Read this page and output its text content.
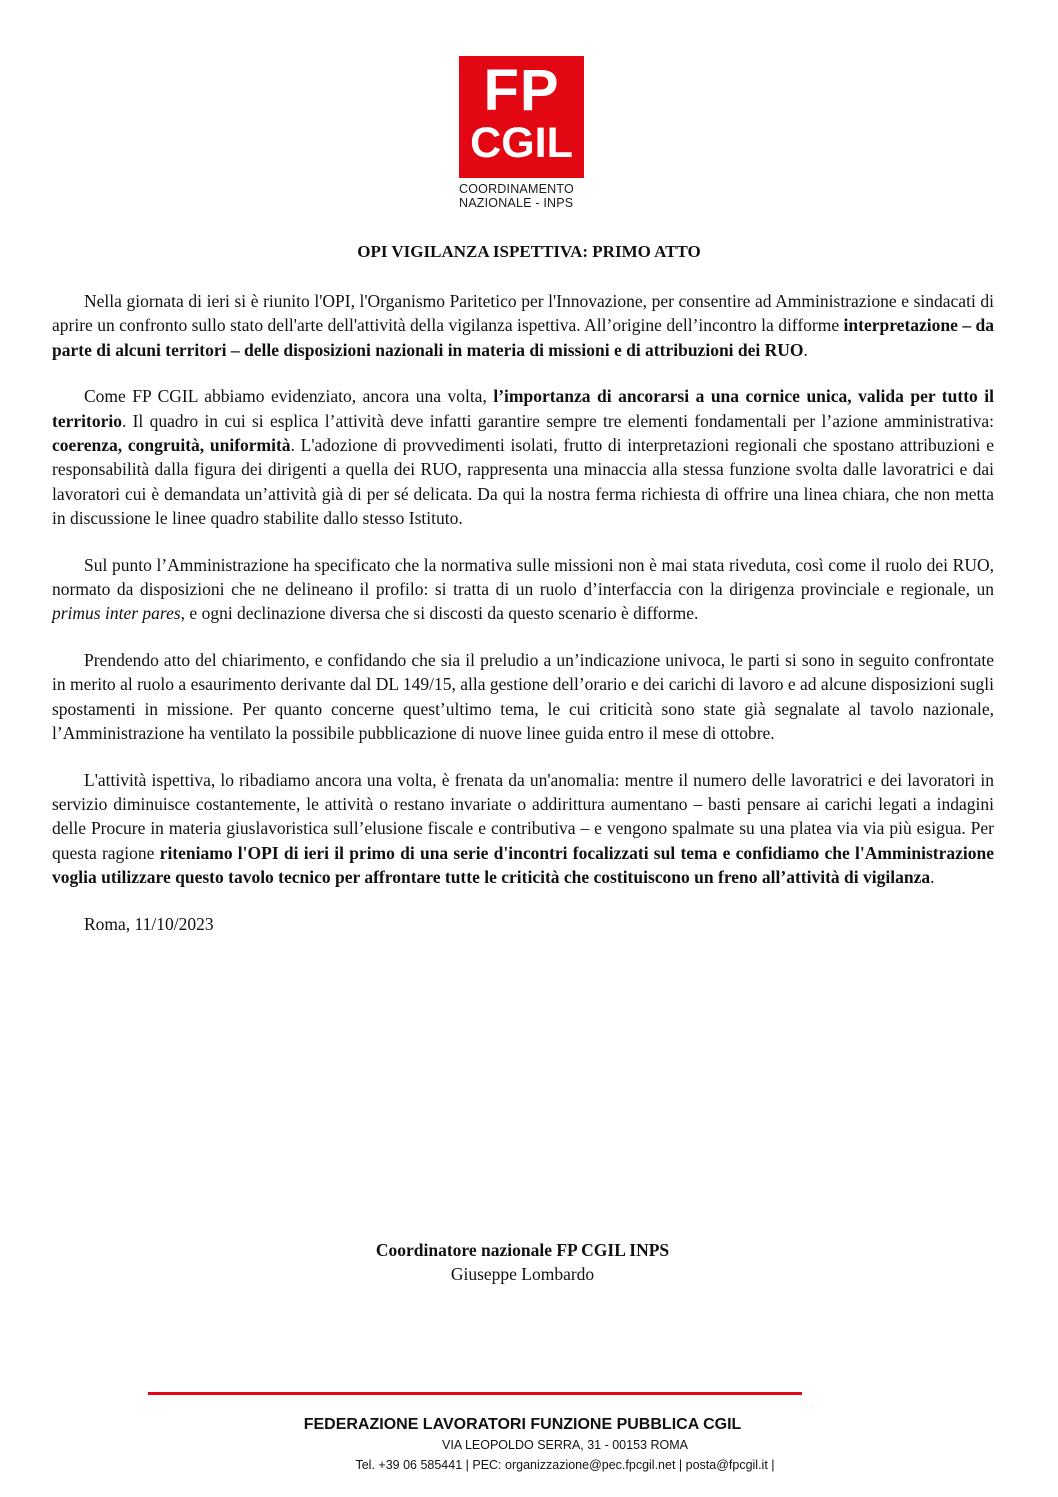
FP
CGIL
COORDINAMENTO
NAZIONALE - INPS
OPI VIGILANZA ISPETTIVA: PRIMO ATTO

Nella giornata di ieri si è riunito l'OPI, l'Organismo Paritetico per l'Innovazione, per consentire ad Amministrazione e sindacati di aprire un confronto sullo stato dell'arte dell'attività della vigilanza ispettiva. All’origine dell’incontro la difforme interpretazione – da parte di alcuni territori – delle disposizioni nazionali in materia di missioni e di attribuzioni dei RUO.

Come FP CGIL abbiamo evidenziato, ancora una volta, l’importanza di ancorarsi a una cornice unica, valida per tutto il territorio. Il quadro in cui si esplica l’attività deve infatti garantire sempre tre elementi fondamentali per l’azione amministrativa: coerenza, congruità, uniformità. L'adozione di provvedimenti isolati, frutto di interpretazioni regionali che spostano attribuzioni e responsabilità dalla figura dei dirigenti a quella dei RUO, rappresenta una minaccia alla stessa funzione svolta dalle lavoratrici e dai lavoratori cui è demandata un’attività già di per sé delicata. Da qui la nostra ferma richiesta di offrire una linea chiara, che non metta in discussione le linee quadro stabilite dallo stesso Istituto.

Sul punto l’Amministrazione ha specificato che la normativa sulle missioni non è mai stata riveduta, così come il ruolo dei RUO, normato da disposizioni che ne delineano il profilo: si tratta di un ruolo d’interfaccia con la dirigenza provinciale e regionale, un primus inter pares, e ogni declinazione diversa che si discosti da questo scenario è difforme.

Prendendo atto del chiarimento, e confidando che sia il preludio a un’indicazione univoca, le parti si sono in seguito confrontate in merito al ruolo a esaurimento derivante dal DL 149/15, alla gestione dell’orario e dei carichi di lavoro e ad alcune disposizioni sugli spostamenti in missione. Per quanto concerne quest’ultimo tema, le cui criticità sono state già segnalate al tavolo nazionale, l’Amministrazione ha ventilato la possibile pubblicazione di nuove linee guida entro il mese di ottobre.

L'attività ispettiva, lo ribadiamo ancora una volta, è frenata da un'anomalia: mentre il numero delle lavoratrici e dei lavoratori in servizio diminuisce costantemente, le attività o restano invariate o addirittura aumentano – basti pensare ai carichi legati a indagini delle Procure in materia giuslavoristica sull’elusione fiscale e contributiva – e vengono spalmate su una platea via via più esigua. Per questa ragione riteniamo l'OPI di ieri il primo di una serie d'incontri focalizzati sul tema e confidiamo che l'Amministrazione voglia utilizzare questo tavolo tecnico per affrontare tutte le criticità che costituiscono un freno all’attività di vigilanza.

Roma, 11/10/2023

Coordinatore nazionale FP CGIL INPS
Giuseppe Lombardo
FEDERAZIONE LAVORATORI FUNZIONE PUBBLICA CGIL
VIA LEOPOLDO SERRA, 31 - 00153 ROMA
Tel. +39 06 585441 | PEC: organizzazione@pec.fpcgil.net | posta@fpcgil.it |
